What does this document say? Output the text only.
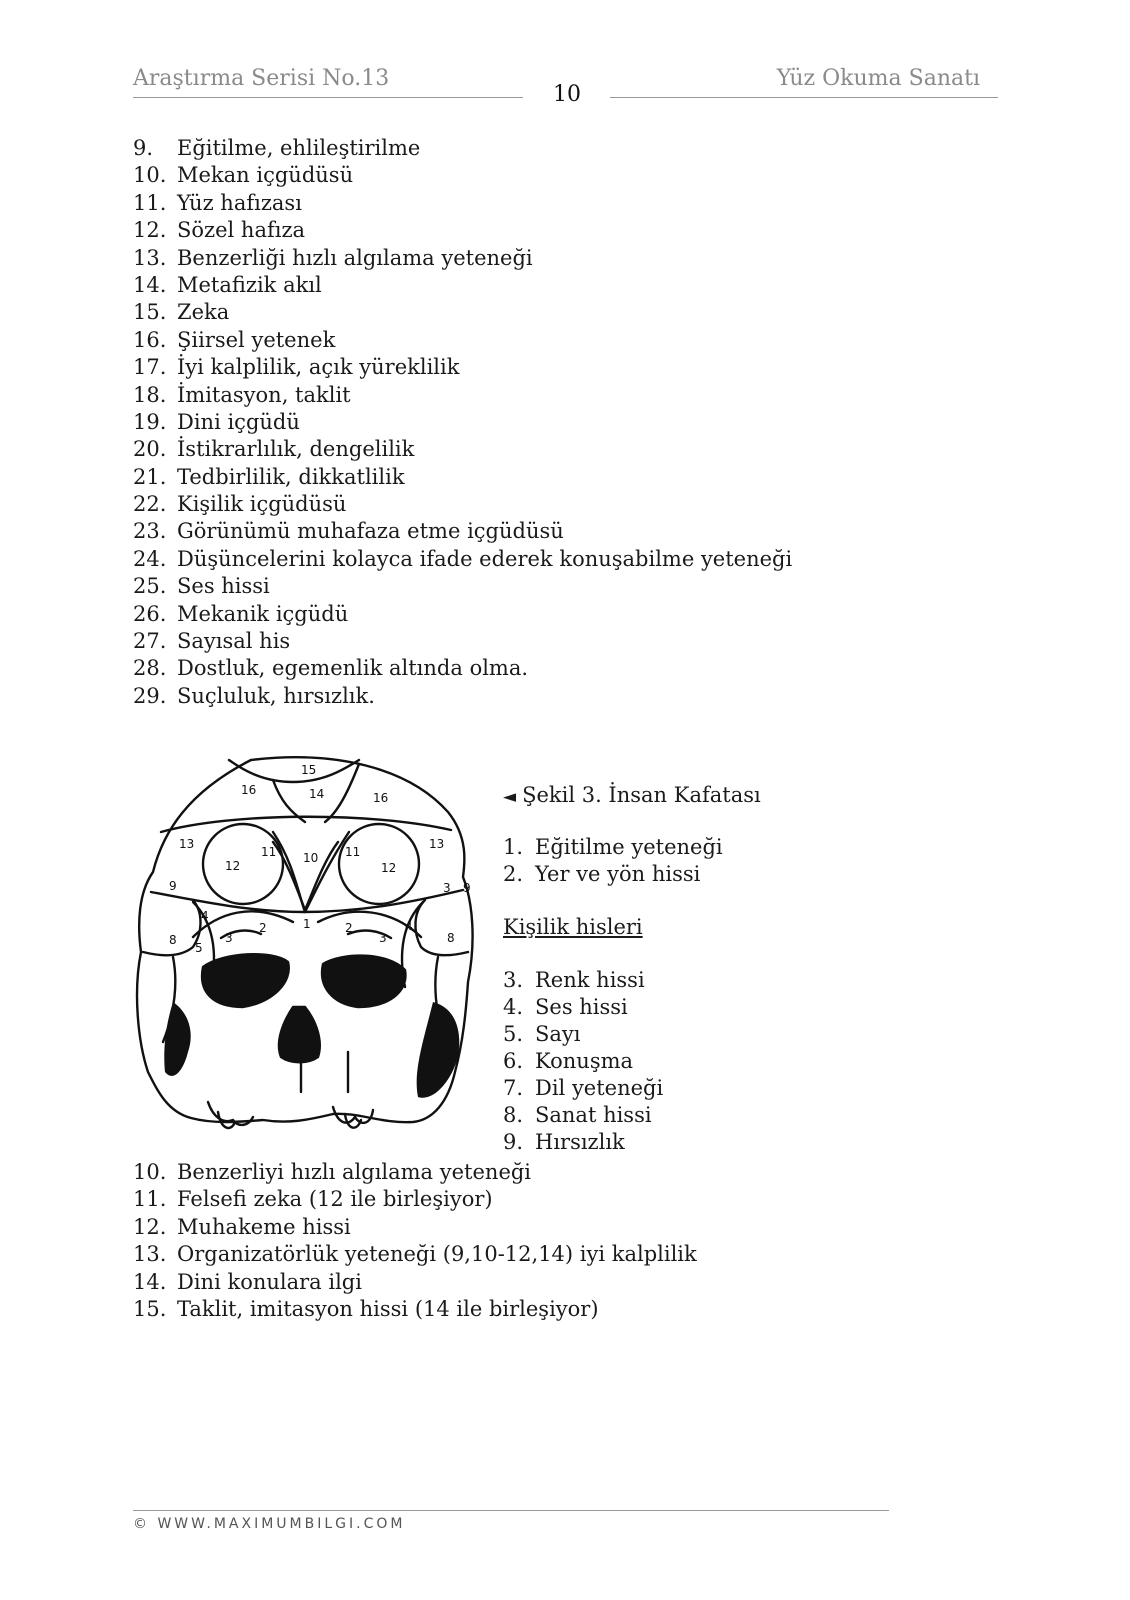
Araştırma Serisi No.13
10
Yüz Okuma Sanatı
9. Eğitilme, ehlileştirilme
10. Mekan içgüdüsü
11. Yüz hafızası
12. Sözel hafıza
13. Benzerliği hızlı algılama yeteneği
14. Metafizik akıl
15. Zeka
16. Şiirsel yetenek
17. İyi kalplilik, açık yüreklilik
18. İmitasyon, taklit
19. Dini içgüdü
20. İstikrarlılık, dengelilik
21. Tedbirlilik, dikkatlilik
22. Kişilik içgüdüsü
23. Görünümü muhafaza etme içgüdüsü
24. Düşüncelerini kolayca ifade ederek konuşabilme yeteneği
25. Ses hissi
26. Mekanik içgüdü
27. Sayısal his
28. Dostluk, egemenlik altında olma.
29. Suçluluk, hırsızlık.
15
16	14	16
13
12
11 10 11
12
13
9
4
3
2	1	2
3
4
3
8
5
8
9
◄ Şekil 3. İnsan Kafatası
1. Eğitilme yeteneği
2. Yer ve yön hissi
Kişilik hisleri
3. Renk hissi
4. Ses hissi
5. Sayı
6. Konuşma
7. Dil yeteneği
8. Sanat hissi
9. Hırsızlık
10. Benzerliyi hızlı algılama yeteneği
11. Felsefi zeka (12 ile birleşiyor)
12. Muhakeme hissi
13. Organizatörlük yeteneği (9,10-12,14) iyi kalplilik
14. Dini konulara ilgi
15. Taklit, imitasyon hissi (14 ile birleşiyor)
© WWW.MAXIMUMBILGI.COM
